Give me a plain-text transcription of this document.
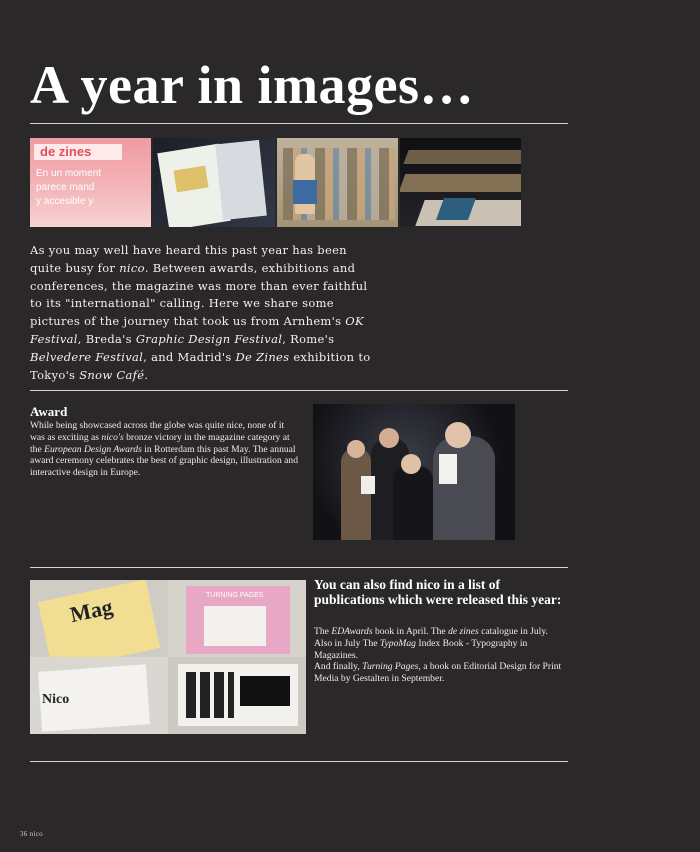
A year in images…
de zines
En un moment
parece mand
y accesible y
As you may well have heard this past year has been quite busy for nico. Between awards, exhibitions and conferences, the magazine was more than ever faithful to its "international" calling. Here we share some pictures of the journey that took us from Arnhem's OK Festival, Breda's Graphic Design Festival, Rome's Belvedere Festival, and Madrid's De Zines exhibition to Tokyo's Snow Café.
Award
While being showcased across the globe was quite nice, none of it was as exciting as nico's bronze victory in the magazine category at the European Design Awards in Rotterdam this past May. The annual award ceremony celebrates the best of graphic design, illustration and interactive design in Europe.
Mag	TURNING PAGES
Nico
You can also find nico in a list of publications which were released this year:
The EDAwards book in April. The de zines catalogue in July. Also in July The TypoMag Index Book - Typography in Magazines.
And finally, Turning Pages, a book on Editorial Design for Print Media by Gestalten in September.
36 nico
